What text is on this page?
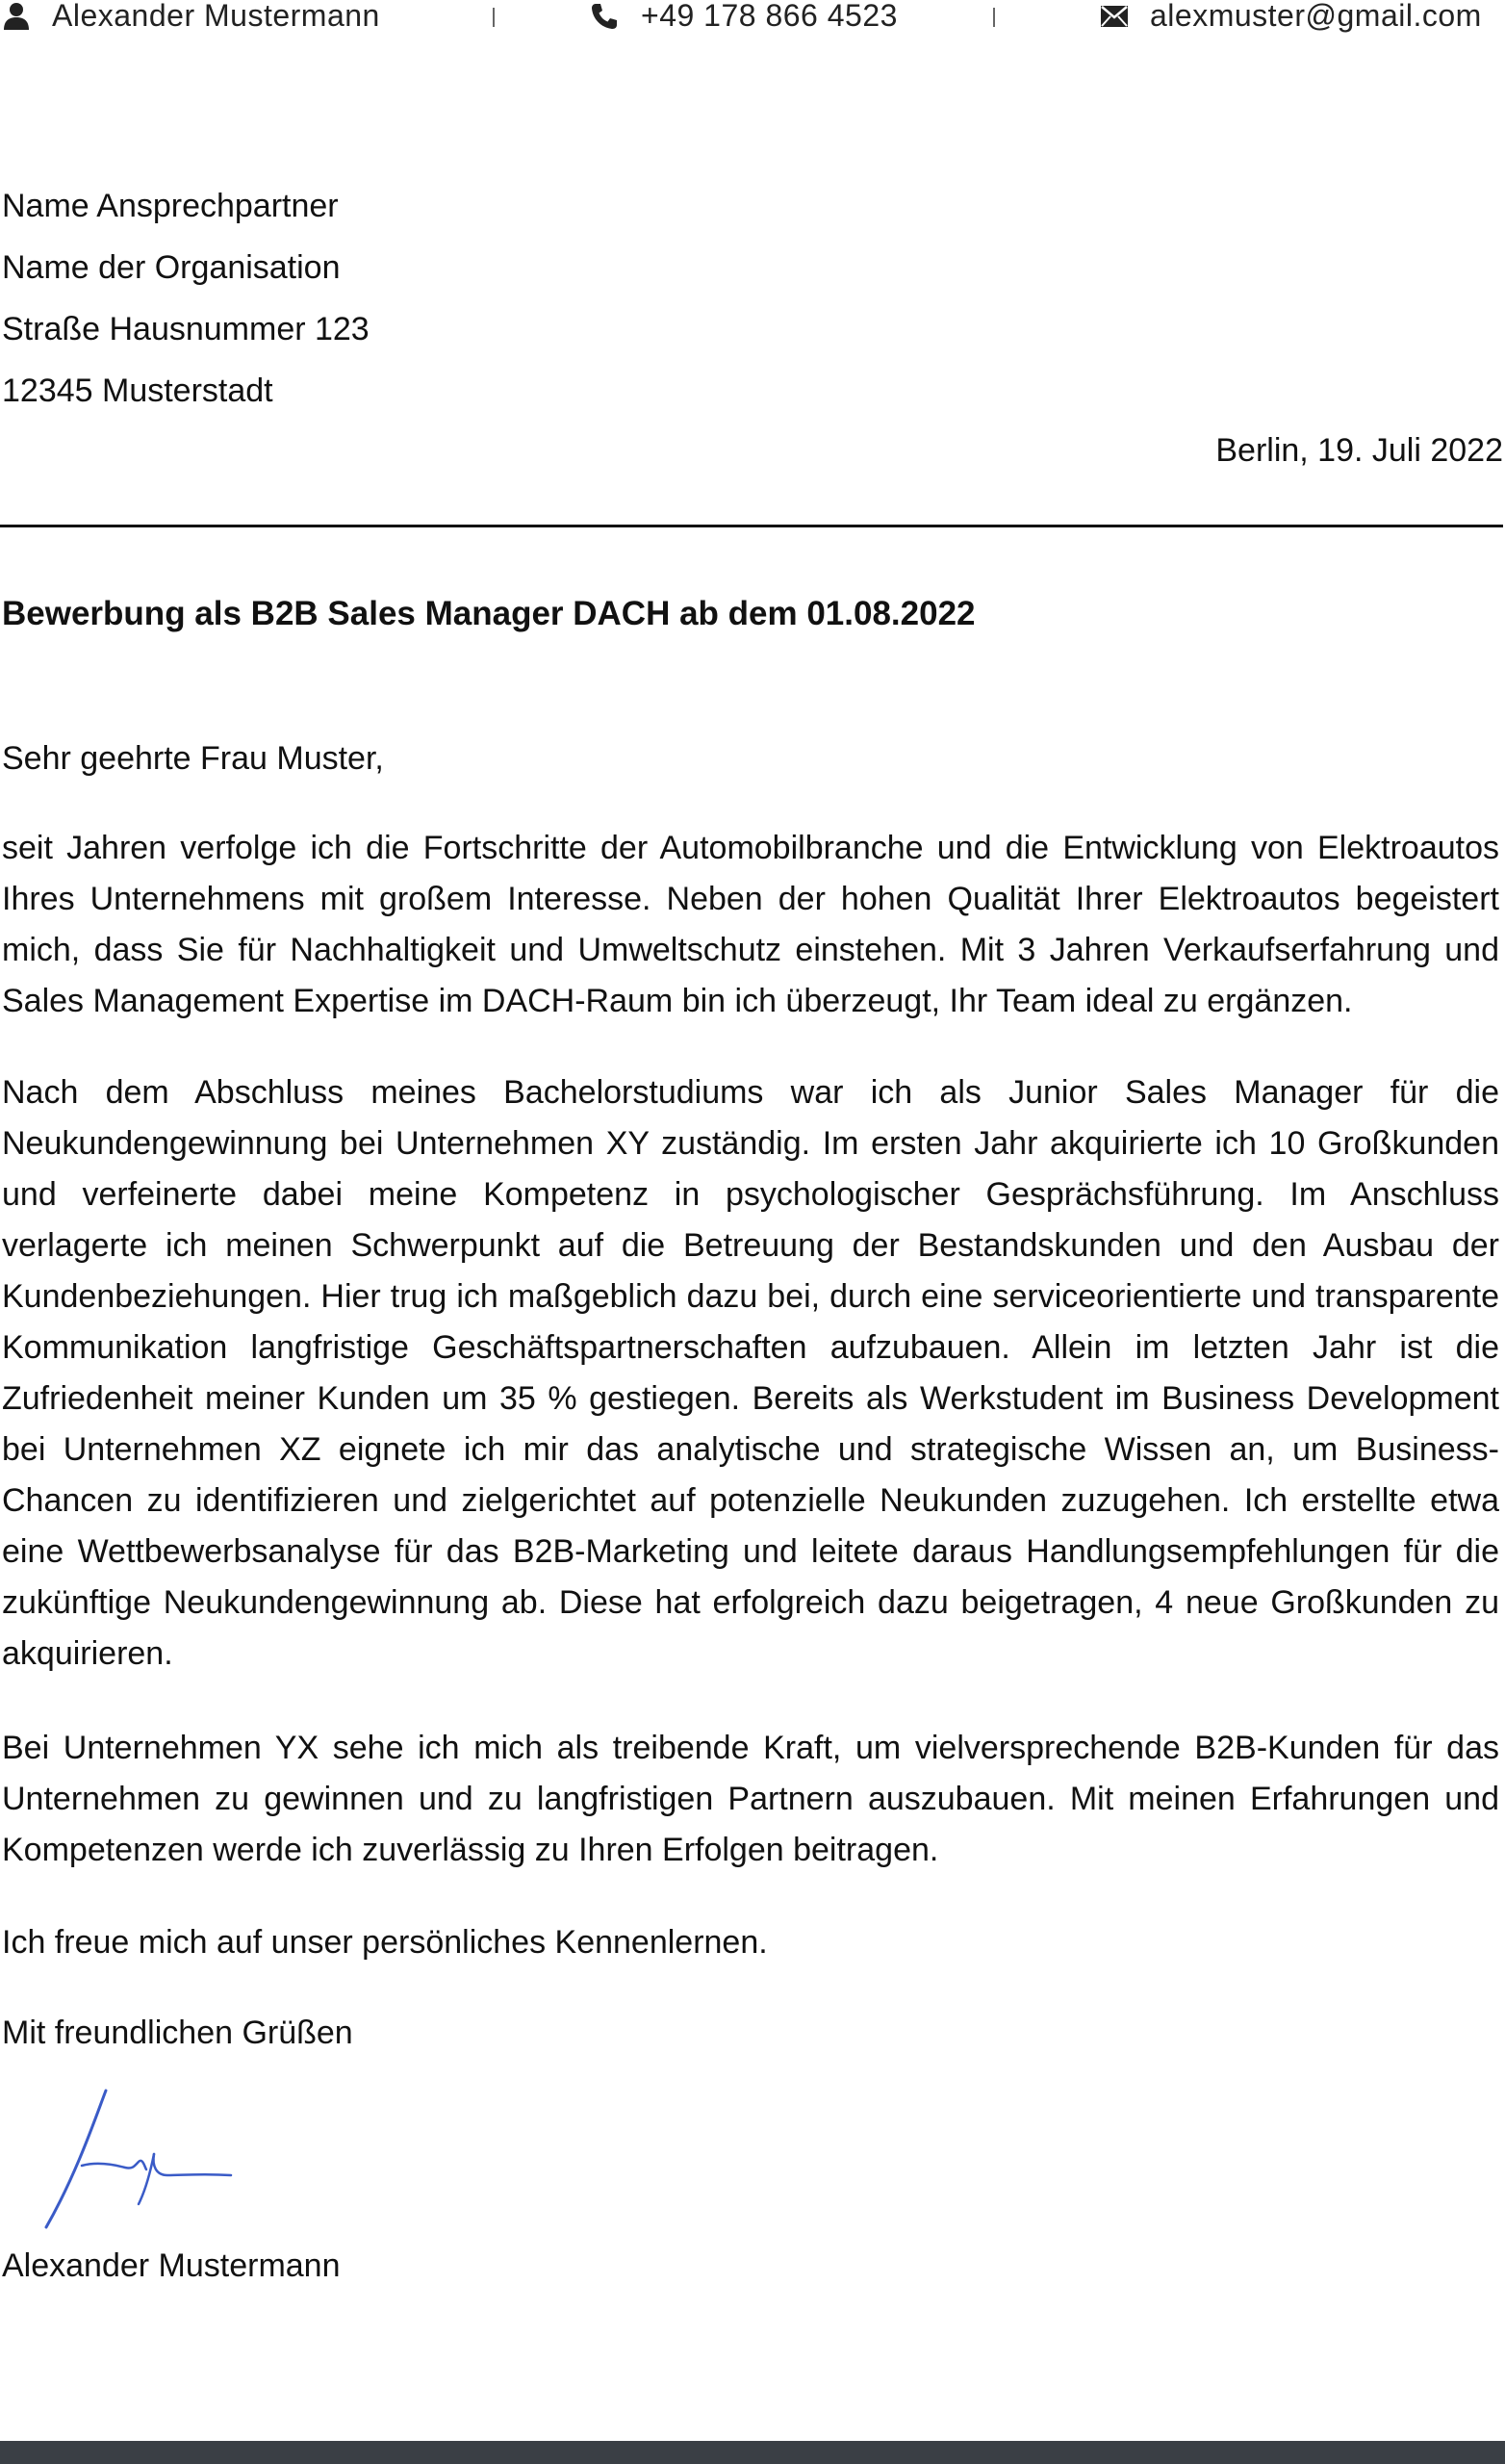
Alexander Mustermann	+49 178 866 4523	alexmuster@gmail.com
Name Ansprechpartner
Name der Organisation
Straße Hausnummer 123
12345 Musterstadt
Berlin, 19. Juli 2022
Bewerbung als B2B Sales Manager DACH ab dem 01.08.2022
Sehr geehrte Frau Muster,

seit Jahren verfolge ich die Fortschritte der Automobilbranche und die Entwicklung von Elektroautos Ihres Unternehmens mit großem Interesse. Neben der hohen Qualität Ihrer Elektroautos begeistert mich, dass Sie für Nachhaltigkeit und Umweltschutz einstehen. Mit 3 Jahren Verkaufserfahrung und Sales Management Expertise im DACH-Raum bin ich überzeugt, Ihr Team ideal zu ergänzen.

Nach dem Abschluss meines Bachelorstudiums war ich als Junior Sales Manager für die Neukundengewinnung bei Unternehmen XY zuständig. Im ersten Jahr akquirierte ich 10 Großkunden und verfeinerte dabei meine Kompetenz in psychologischer Gesprächsführung. Im Anschluss verlagerte ich meinen Schwerpunkt auf die Betreuung der Bestandskunden und den Ausbau der Kundenbeziehungen. Hier trug ich maßgeblich dazu bei, durch eine serviceorientierte und transparente Kommunikation langfristige Geschäftspartnerschaften aufzubauen. Allein im letzten Jahr ist die Zufriedenheit meiner Kunden um 35 % gestiegen. Bereits als Werkstudent im Business Development bei Unternehmen XZ eignete ich mir das analytische und strategische Wissen an, um Business-Chancen zu identifizieren und zielgerichtet auf potenzielle Neukunden zuzugehen. Ich erstellte etwa eine Wettbewerbsanalyse für das B2B-Marketing und leitete daraus Handlungsempfehlungen für die zukünftige Neukundengewinnung ab. Diese hat erfolgreich dazu beigetragen, 4 neue Großkunden zu akquirieren.

Bei Unternehmen YX sehe ich mich als treibende Kraft, um vielversprechende B2B-Kunden für das Unternehmen zu gewinnen und zu langfristigen Partnern auszubauen. Mit meinen Erfahrungen und Kompetenzen werde ich zuverlässig zu Ihren Erfolgen beitragen.

Ich freue mich auf unser persönliches Kennenlernen.
Mit freundlichen Grüßen
Alexander Mustermann
